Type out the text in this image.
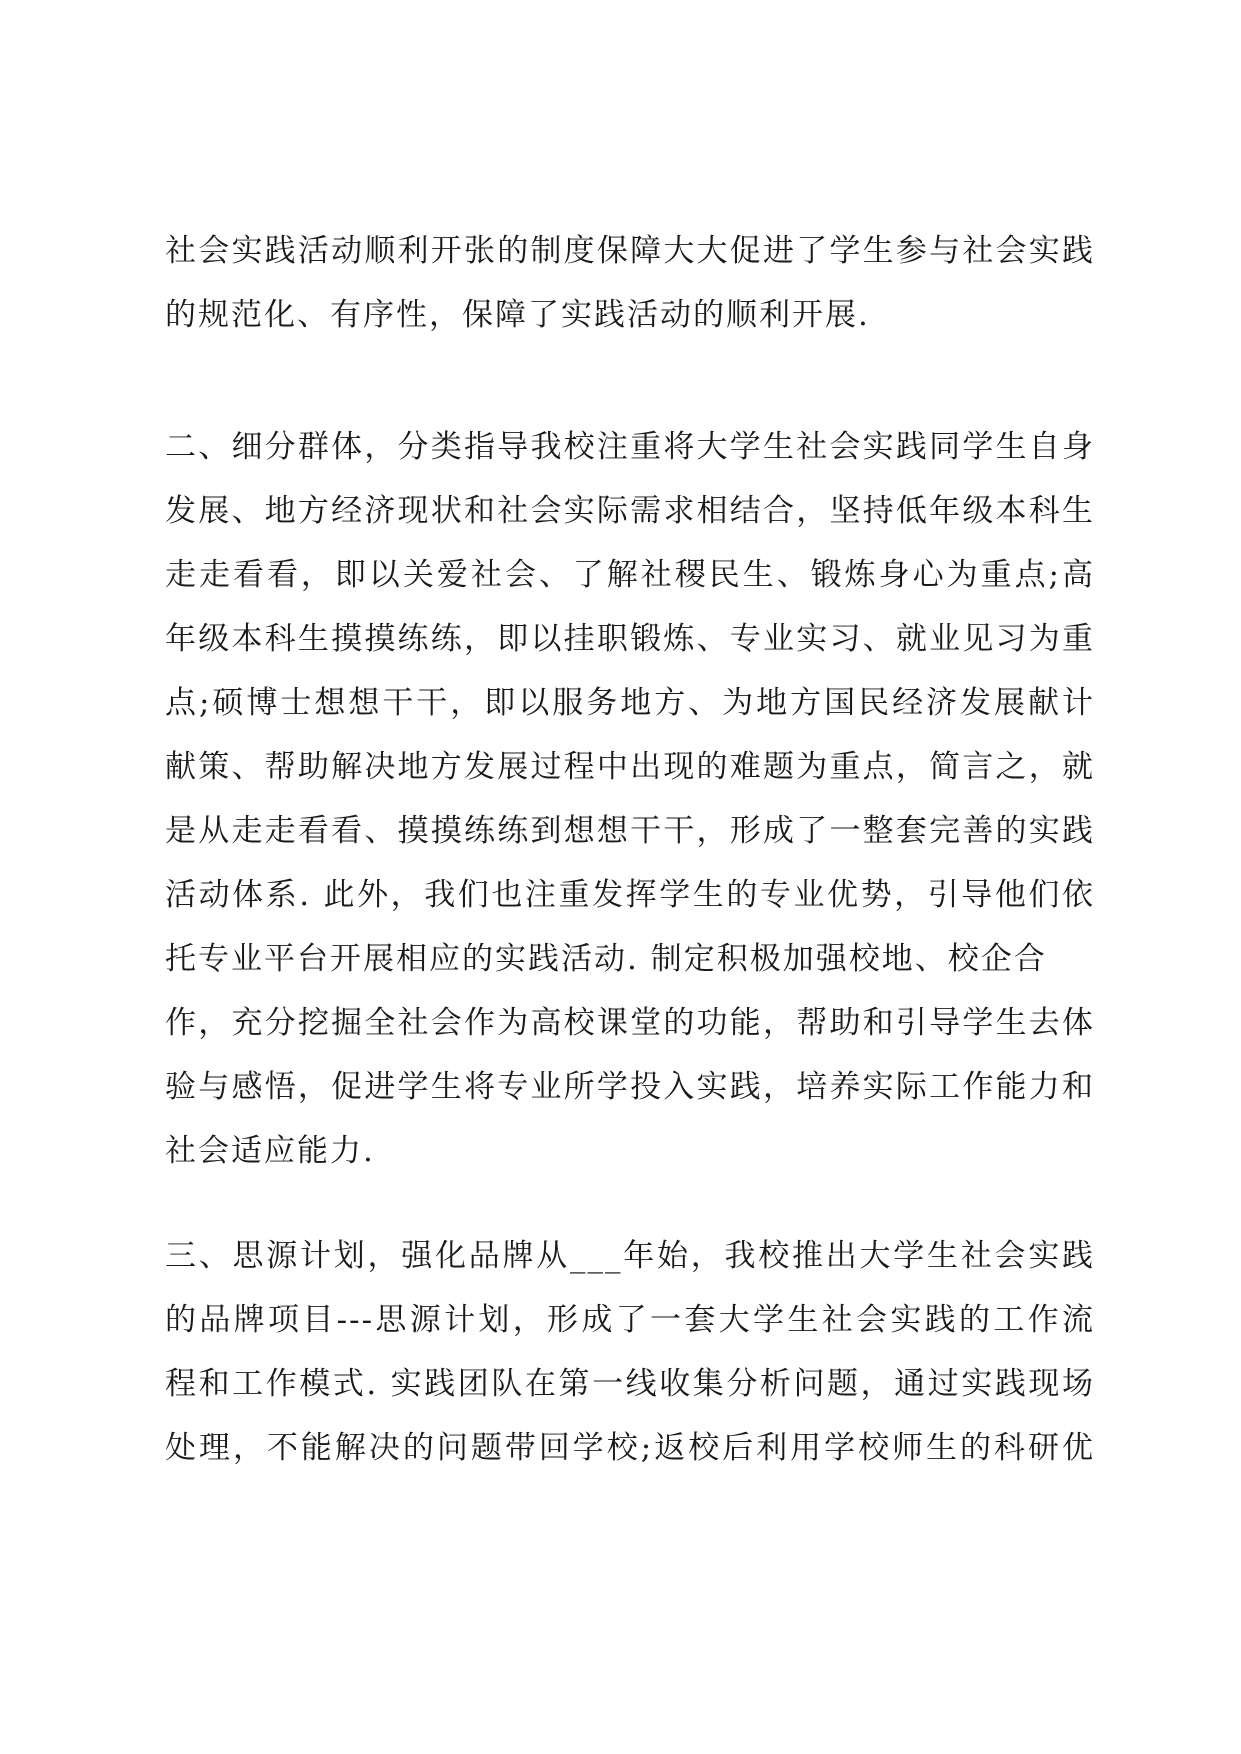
社会实践活动顺利开张的制度保障大大促进了学生参与社会实践
的规范化、有序性，保障了实践活动的顺利开展.
二、细分群体，分类指导我校注重将大学生社会实践同学生自身
发展、地方经济现状和社会实际需求相结合，坚持低年级本科生
走走看看，即以关爱社会、了解社稷民生、锻炼身心为重点;高
年级本科生摸摸练练，即以挂职锻炼、专业实习、就业见习为重
点;硕博士想想干干，即以服务地方、为地方国民经济发展献计
献策、帮助解决地方发展过程中出现的难题为重点，简言之，就
是从走走看看、摸摸练练到想想干干，形成了一整套完善的实践
活动体系. 此外，我们也注重发挥学生的专业优势，引导他们依
托专业平台开展相应的实践活动. 制定积极加强校地、校企合
作，充分挖掘全社会作为高校课堂的功能，帮助和引导学生去体
验与感悟，促进学生将专业所学投入实践，培养实际工作能力和
社会适应能力.
三、思源计划，强化品牌从___年始，我校推出大学生社会实践
的品牌项目---思源计划，形成了一套大学生社会实践的工作流
程和工作模式. 实践团队在第一线收集分析问题，通过实践现场
处理，不能解决的问题带回学校;返校后利用学校师生的科研优
